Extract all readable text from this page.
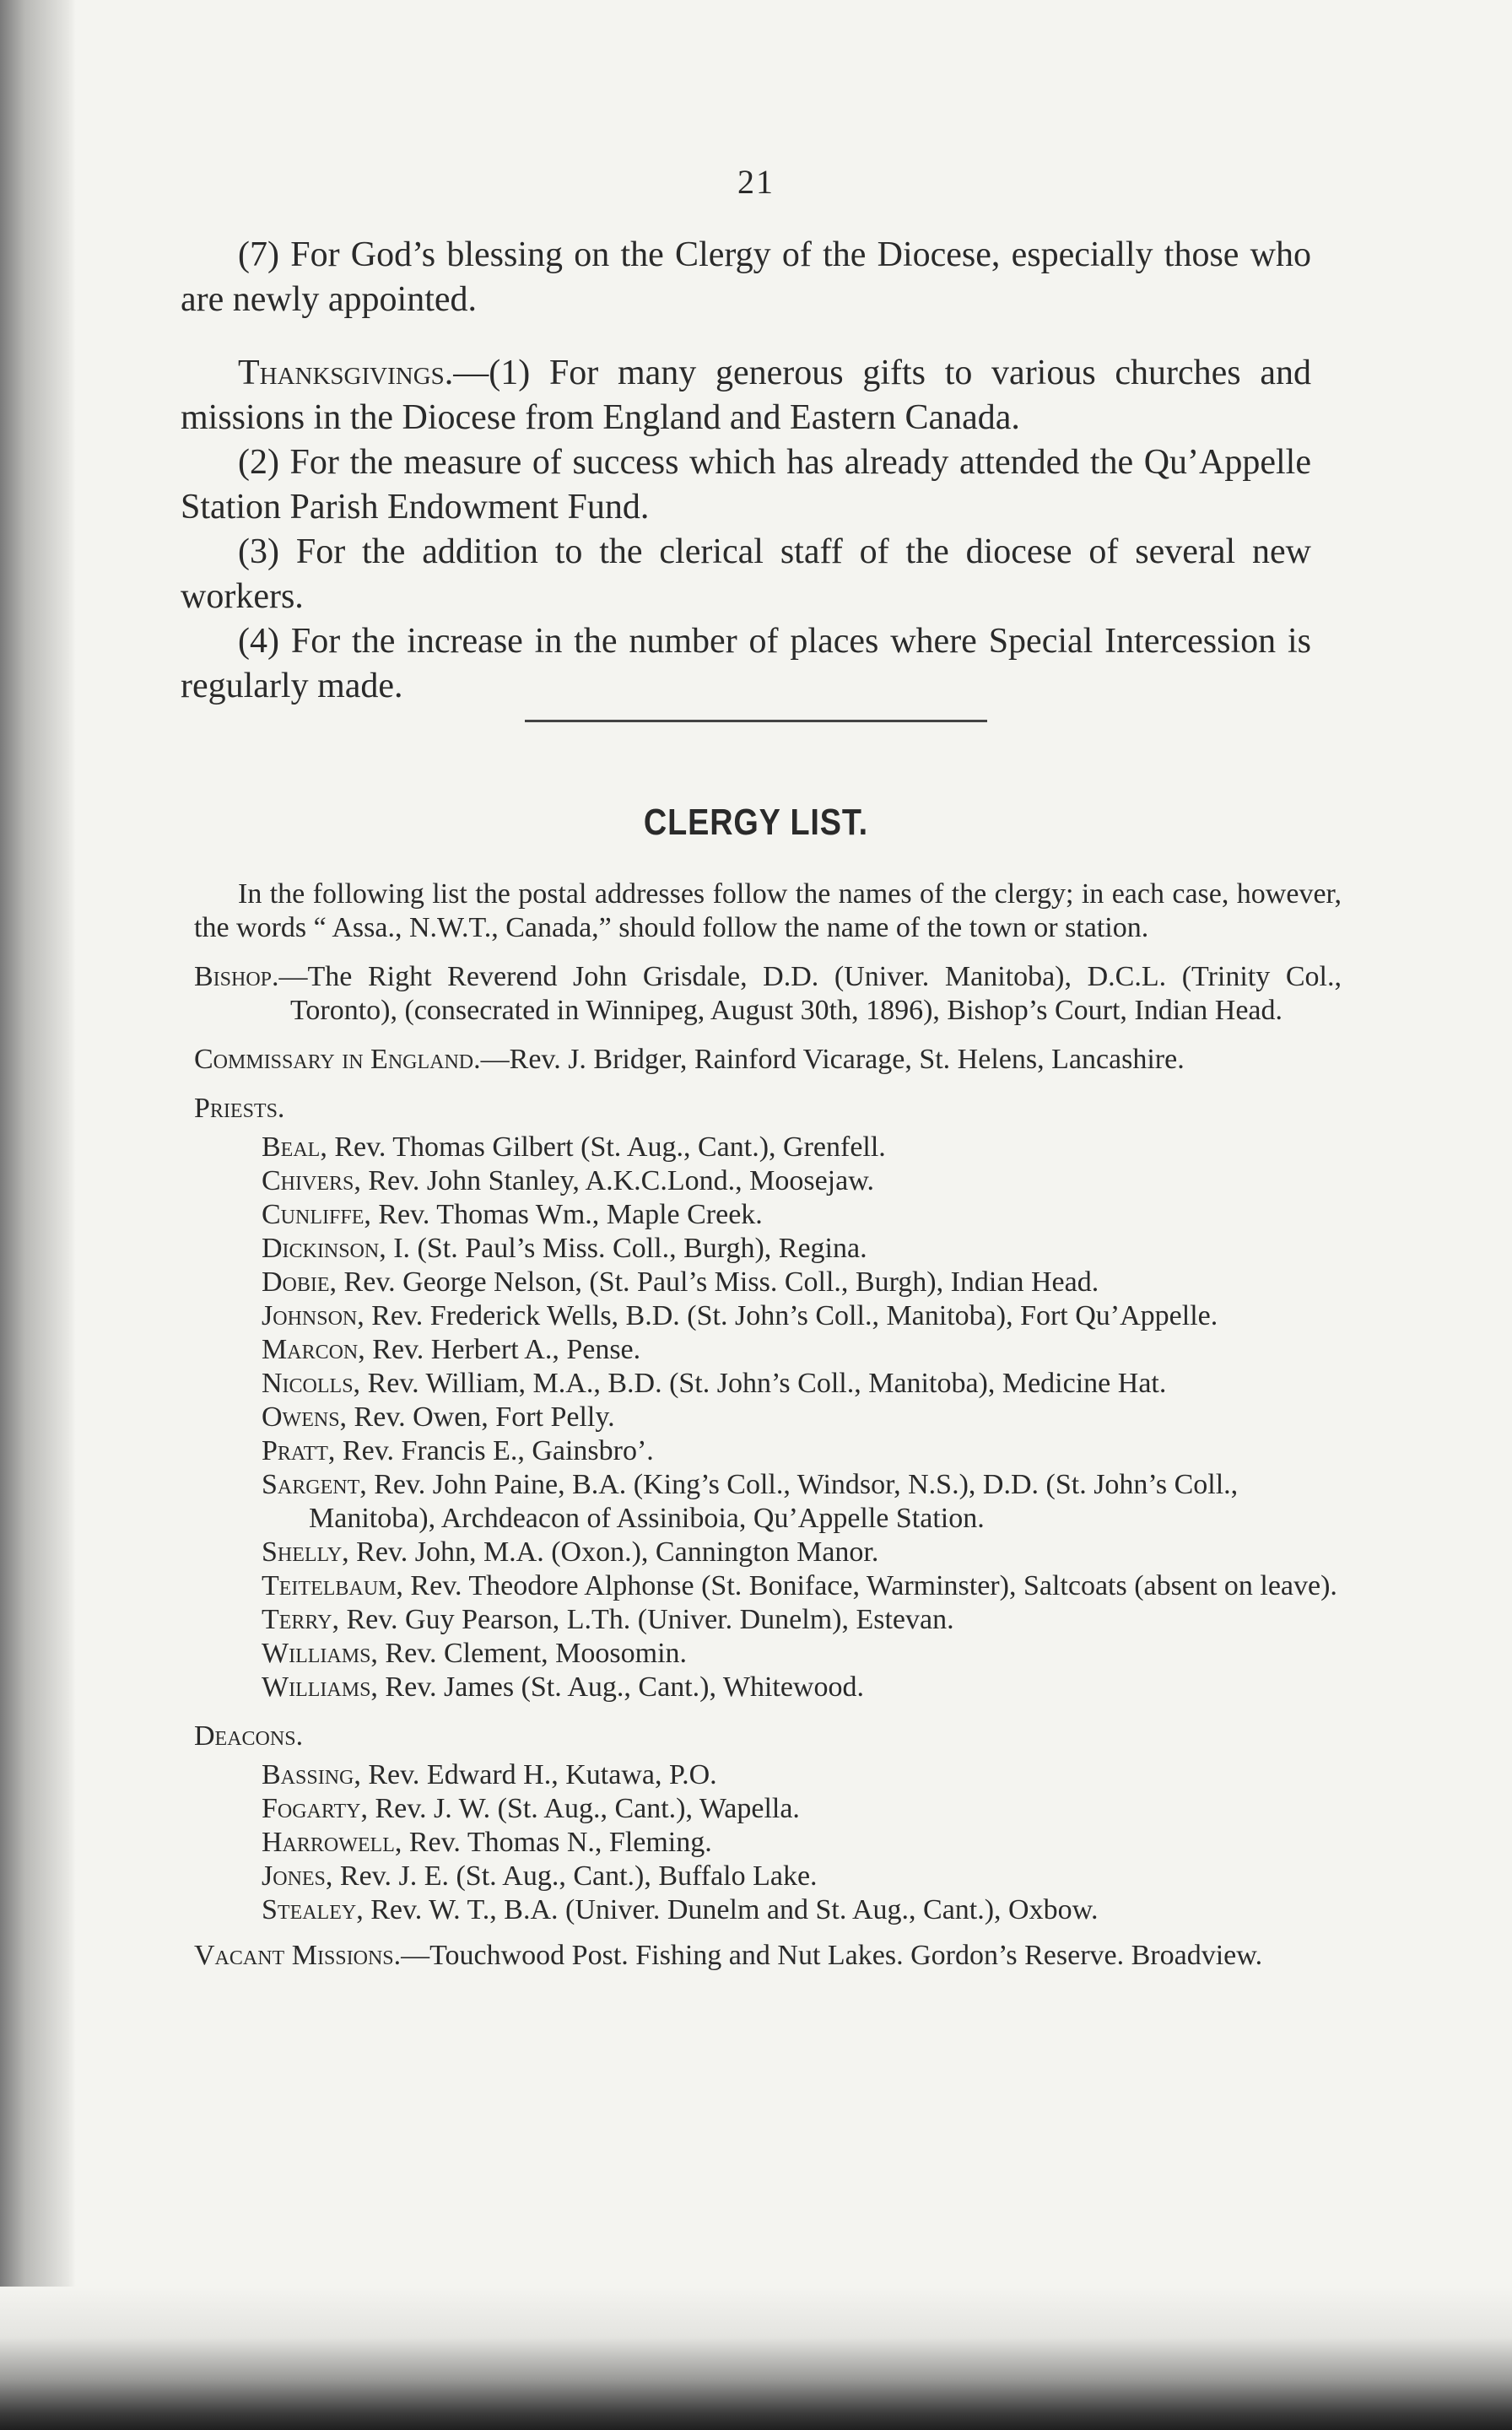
21

(7) For God’s blessing on the Clergy of the Diocese, especially those who are newly appointed.

Thanksgivings.—(1) For many generous gifts to various churches and missions in the Diocese from England and Eastern Canada.

(2) For the measure of success which has already attended the Qu’Appelle Station Parish Endowment Fund.

(3) For the addition to the clerical staff of the diocese of several new workers.

(4) For the increase in the number of places where Special Intercession is regularly made.

CLERGY LIST.

In the following list the postal addresses follow the names of the clergy; in each case, however, the words “ Assa., N.W.T., Canada,” should follow the name of the town or station.

Bishop.—The Right Reverend John Grisdale, D.D. (Univer. Manitoba), D.C.L. (Trinity Col., Toronto), (consecrated in Winnipeg, August 30th, 1896), Bishop’s Court, Indian Head.

Commissary in England.—Rev. J. Bridger, Rainford Vicarage, St. Helens, Lancashire.

Priests.
Beal, Rev. Thomas Gilbert (St. Aug., Cant.), Grenfell.
Chivers, Rev. John Stanley, A.K.C.Lond., Moosejaw.
Cunliffe, Rev. Thomas Wm., Maple Creek.
Dickinson, I. (St. Paul’s Miss. Coll., Burgh), Regina.
Dobie, Rev. George Nelson, (St. Paul’s Miss. Coll., Burgh), Indian Head.
Johnson, Rev. Frederick Wells, B.D. (St. John’s Coll., Manitoba), Fort Qu’Appelle.
Marcon, Rev. Herbert A., Pense.
Nicolls, Rev. William, M.A., B.D. (St. John’s Coll., Manitoba), Medicine Hat.
Owens, Rev. Owen, Fort Pelly.
Pratt, Rev. Francis E., Gainsbro’.
Sargent, Rev. John Paine, B.A. (King’s Coll., Windsor, N.S.), D.D. (St. John’s Coll., Manitoba), Archdeacon of Assiniboia, Qu’Appelle Station.
Shelly, Rev. John, M.A. (Oxon.), Cannington Manor.
Teitelbaum, Rev. Theodore Alphonse (St. Boniface, Warminster), Saltcoats (absent on leave).
Terry, Rev. Guy Pearson, L.Th. (Univer. Dunelm), Estevan.
Williams, Rev. Clement, Moosomin.
Williams, Rev. James (St. Aug., Cant.), Whitewood.
Deacons.
Bassing, Rev. Edward H., Kutawa, P.O.
Fogarty, Rev. J. W. (St. Aug., Cant.), Wapella.
Harrowell, Rev. Thomas N., Fleming.
Jones, Rev. J. E. (St. Aug., Cant.), Buffalo Lake.
Stealey, Rev. W. T., B.A. (Univer. Dunelm and St. Aug., Cant.), Oxbow.

Vacant Missions.—Touchwood Post. Fishing and Nut Lakes. Gordon’s Reserve. Broadview.
